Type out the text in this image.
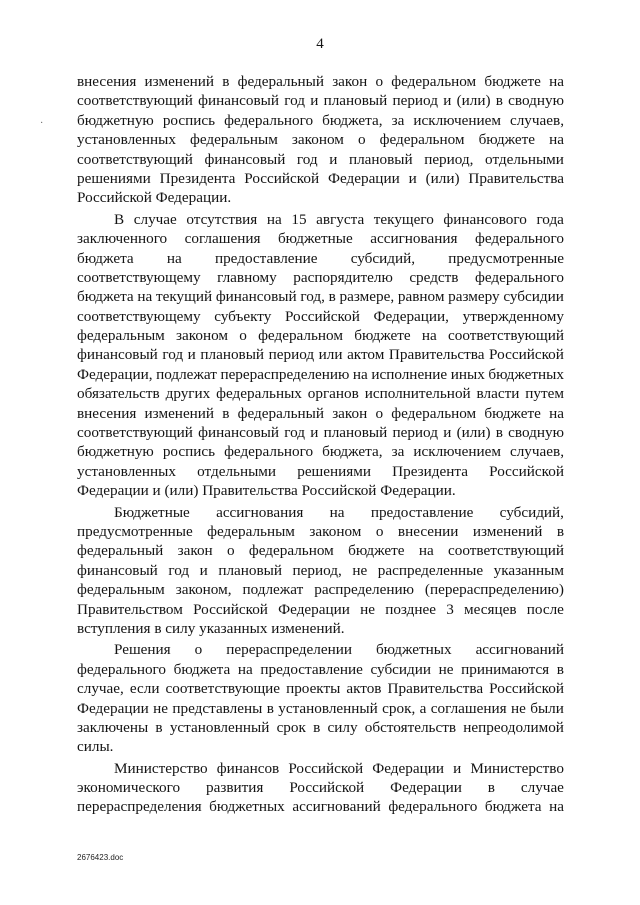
4
·
внесения изменений в федеральный закон о федеральном бюджете на
соответствующий финансовый год и плановый период и (или) в сводную
бюджетную роспись федерального бюджета, за исключением случаев,
установленных федеральным законом о федеральном бюджете на
соответствующий финансовый год и плановый период, отдельными
решениями Президента Российской Федерации и (или) Правительства
Российской Федерации.
В случае отсутствия на 15 августа текущего финансового года
заключенного соглашения бюджетные ассигнования федерального
бюджета на предоставление субсидий, предусмотренные
соответствующему главному распорядителю средств федерального
бюджета на текущий финансовый год, в размере, равном размеру субсидии
соответствующему субъекту Российской Федерации, утвержденному
федеральным законом о федеральном бюджете на соответствующий
финансовый год и плановый период или актом Правительства Российской
Федерации, подлежат перераспределению на исполнение иных бюджетных
обязательств других федеральных органов исполнительной власти путем
внесения изменений в федеральный закон о федеральном бюджете на
соответствующий финансовый год и плановый период и (или) в сводную
бюджетную роспись федерального бюджета, за исключением случаев,
установленных отдельными решениями Президента Российской
Федерации и (или) Правительства Российской Федерации.
Бюджетные ассигнования на предоставление субсидий,
предусмотренные федеральным законом о внесении изменений в
федеральный закон о федеральном бюджете на соответствующий
финансовый год и плановый период, не распределенные указанным
федеральным законом, подлежат распределению (перераспределению)
Правительством Российской Федерации не позднее 3 месяцев после
вступления в силу указанных изменений.
Решения о перераспределении бюджетных ассигнований
федерального бюджета на предоставление субсидии не принимаются в
случае, если соответствующие проекты актов Правительства Российской
Федерации не представлены в установленный срок, а соглашения не были
заключены в установленный срок в силу обстоятельств непреодолимой
силы.
Министерство финансов Российской Федерации и Министерство
экономического развития Российской Федерации в случае
перераспределения бюджетных ассигнований федерального бюджета на
2676423.doc
